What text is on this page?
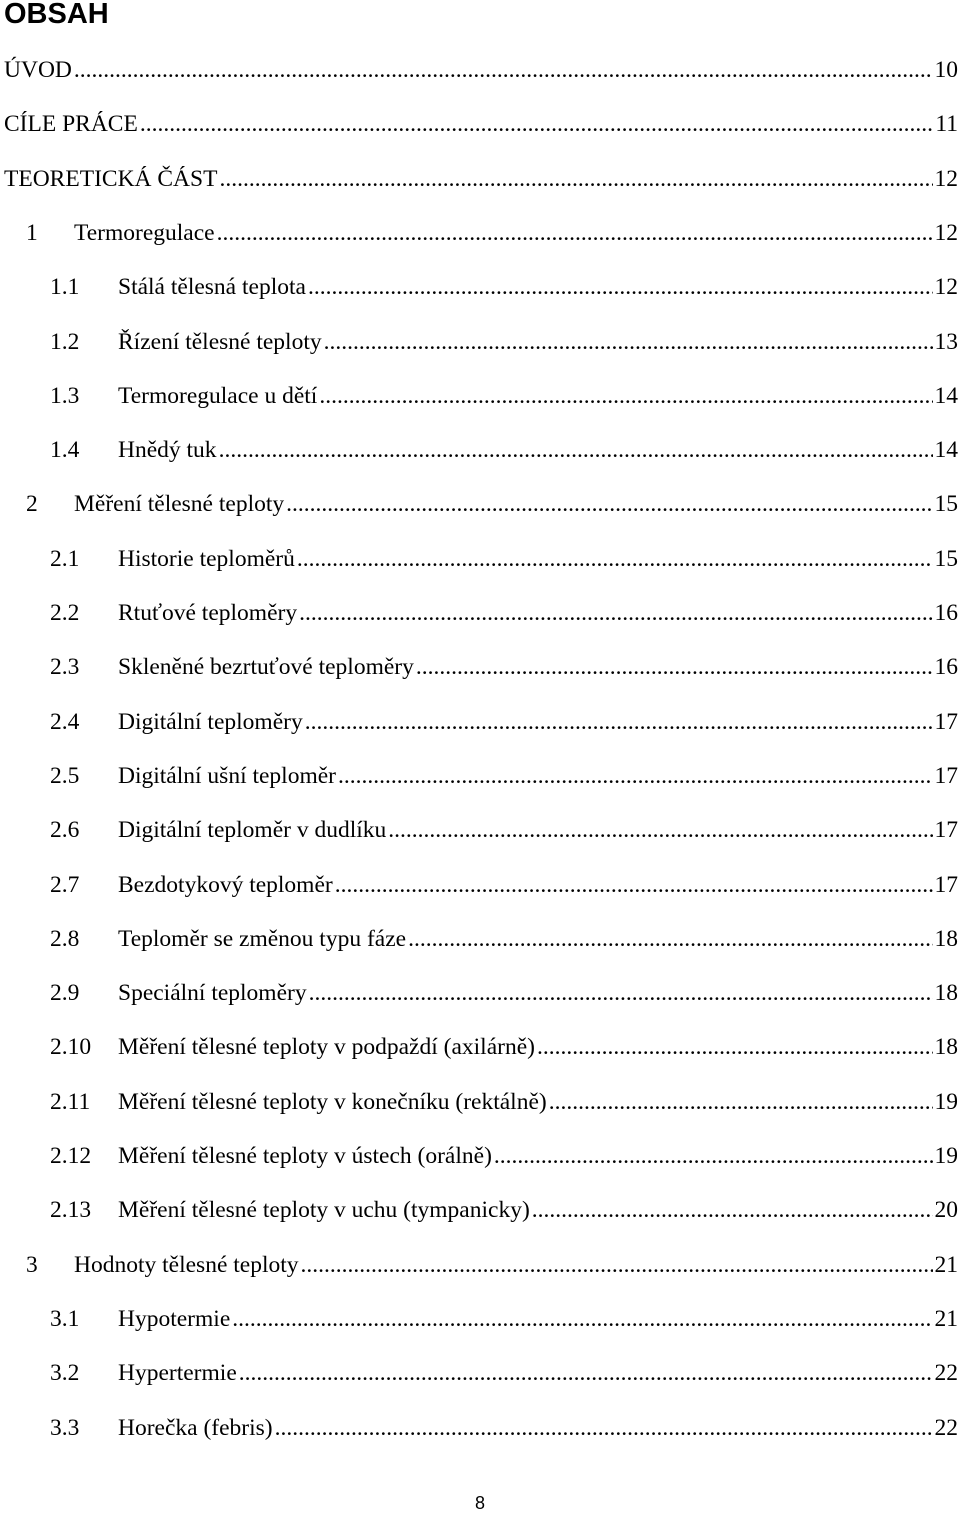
OBSAH
ÚVOD .....	10
CÍLE PRÁCE .....	11
TEORETICKÁ ČÁST .....	12
1	Termoregulace .....	12
1.1	Stálá tělesná teplota .....	12
1.2	Řízení tělesné teploty .....	13
1.3	Termoregulace u dětí .....	14
1.4	Hnědý tuk .....	14
2	Měření tělesné teploty .....	15
2.1	Historie teploměrů .....	15
2.2	Rtuťové teploměry .....	16
2.3	Skleněné bezrtuťové teploměry .....	16
2.4	Digitální teploměry .....	17
2.5	Digitální ušní teploměr .....	17
2.6	Digitální teploměr v dudlíku .....	17
2.7	Bezdotykový teploměr .....	17
2.8	Teploměr se změnou typu fáze .....	18
2.9	Speciální teploměry .....	18
2.10	Měření tělesné teploty v podpaždí (axilárně) .....	18
2.11	Měření tělesné teploty v konečníku (rektálně) .....	19
2.12	Měření tělesné teploty v ústech (orálně) .....	19
2.13	Měření tělesné teploty v uchu (tympanicky) .....	20
3	Hodnoty tělesné teploty .....	21
3.1	Hypotermie .....	21
3.2	Hypertermie .....	22
3.3	Horečka (febris) .....	22
8
